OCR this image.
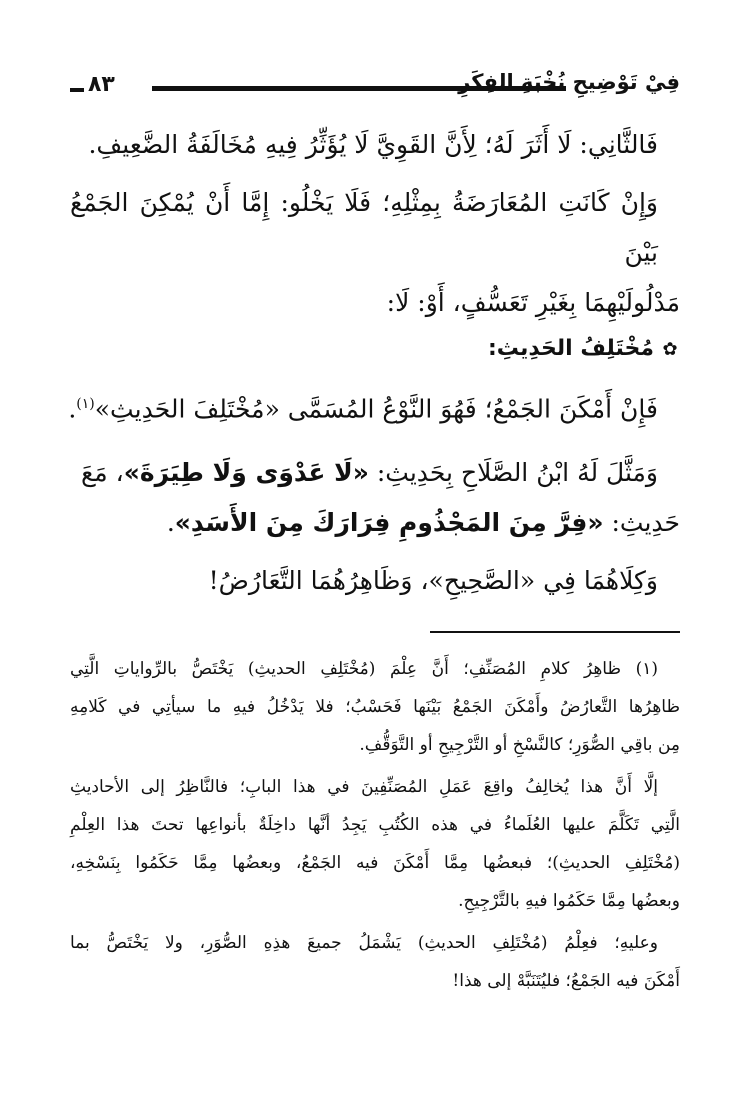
٨٣	فِيْ تَوْضِيحِ نُخْبَةِ الفِكَرِ
فَالثَّانِي: لَا أَثَرَ لَهُ؛ لِأَنَّ القَوِيَّ لَا يُؤَثِّرُ فِيهِ مُخَالَفَةُ الضَّعِيفِ.
وَإِنْ كَانَتِ المُعَارَضَةُ بِمِثْلِهِ؛ فَلَا يَخْلُو: إِمَّا أَنْ يُمْكِنَ الجَمْعُ بَيْنَ
مَدْلُولَيْهِمَا بِغَيْرِ تَعَسُّفٍ، أَوْ: لَا:
✿مُخْتَلِفُ الحَدِيثِ:
فَإِنْ أَمْكَنَ الجَمْعُ؛ فَهُوَ النَّوْعُ المُسَمَّى «مُخْتَلِفَ الحَدِيثِ»$^{(١)}$.
وَمَثَّلَ لَهُ ابْنُ الصَّلَاحِ بِحَدِيثِ: «لَا عَدْوَى وَلَا طِيَرَةَ»، مَعَ
حَدِيثِ: «فِرَّ مِنَ المَجْذُومِ فِرَارَكَ مِنَ الأَسَدِ».
وَكِلَاهُمَا فِي «الصَّحِيحِ»، وَظَاهِرُهُمَا التَّعَارُضُ!
(١) ظاهِرُ كلامِ المُصَنِّفِ؛ أَنَّ عِلْمَ (مُخْتَلِفِ الحديثِ) يَخْتَصُّ بالرِّواياتِ الَّتِي
ظاهِرُها التَّعارُضُ وأَمْكَنَ الجَمْعُ بَيْنَها فَحَسْبُ؛ فلا يَدْخُلُ فيهِ ما سيأتِي في كَلامِهِ
مِن باقِي الصُّوَرِ؛ كالنَّسْخِ أو التَّرْجِيحِ أو التَّوَقُّفِ.
إلَّا أَنَّ هذا يُخالِفُ واقِعَ عَمَلِ المُصَنِّفِينَ في هذا البابِ؛ فالنَّاظِرُ إلى الأحاديثِ
الَّتِي تَكَلَّمَ عليها العُلَماءُ في هذه الكُتُبِ يَجِدُ أنَّها داخِلَةٌ بأنواعِها تحتَ هذا العِلْمِ
(مُخْتَلِفِ الحديثِ)؛ فبعضُها مِمَّا أَمْكَنَ فيه الجَمْعُ، وبعضُها مِمَّا حَكَمُوا بِنَسْخِهِ،
وبعضُها مِمَّا حَكَمُوا فيهِ بالتَّرْجِيحِ.
وعليهِ؛ فعِلْمُ (مُخْتَلِفِ الحديثِ) يَشْمَلُ جميعَ هذِهِ الصُّوَرِ، ولا يَخْتَصُّ بما
أَمْكَنَ فيه الجَمْعُ؛ فليُتَنَبَّهْ إلى هذا!
